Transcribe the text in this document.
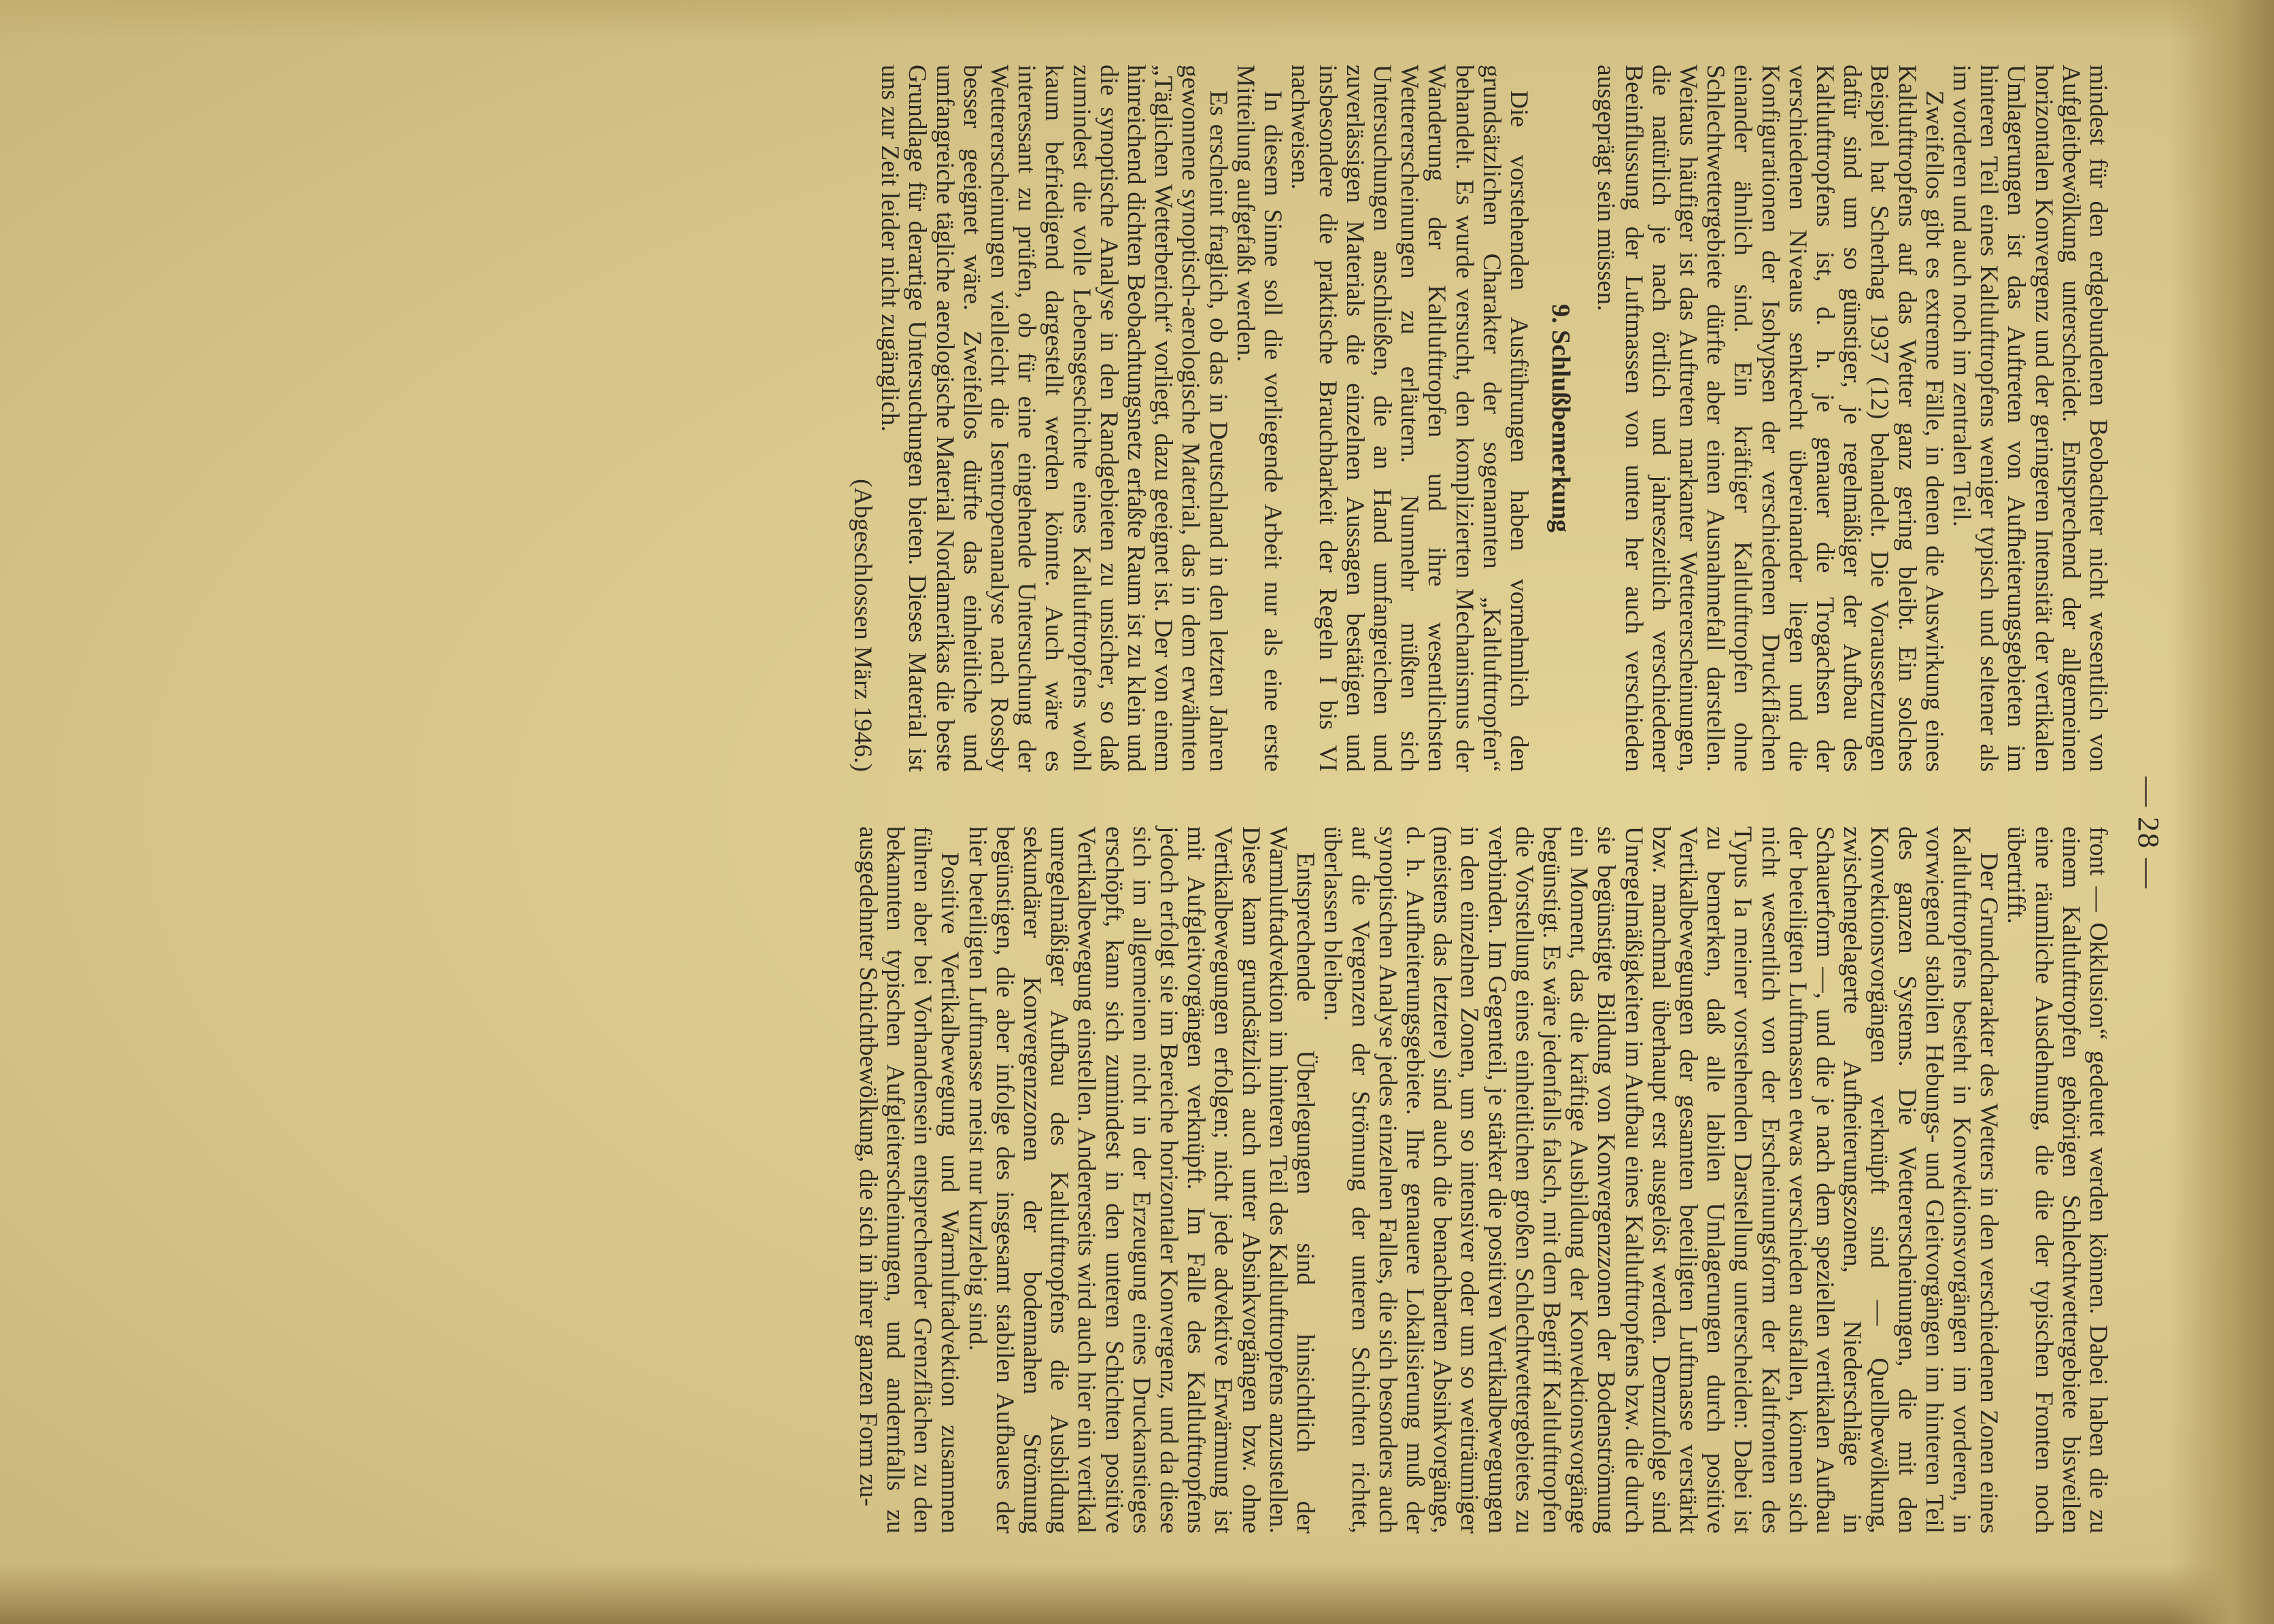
— 28 —

mindest für den erdgebundenen Beobachter nicht wesentlich von Aufgleitbewölkung unterscheidet. Entsprechend der allgemeinen horizontalen Konvergenz und der geringeren Intensität der vertikalen Umlagerungen ist das Auftreten von Aufheiterungsgebieten im hinteren Teil eines Kaltlufttropfens weniger typisch und seltener als im vorderen und auch noch im zentralen Teil.

Zweifellos gibt es extreme Fälle, in denen die Auswirkung eines Kaltlufttropfens auf das Wetter ganz gering bleibt. Ein solches Beispiel hat Scherhag 1937 (12) behandelt. Die Voraussetzungen dafür sind um so günstiger, je regelmäßiger der Aufbau des Kaltlufttropfens ist, d. h. je genauer die Trogachsen der verschiedenen Niveaus senkrecht übereinander liegen und die Konfigurationen der Isohypsen der verschiedenen Druckflächen einander ähnlich sind. Ein kräftiger Kaltlufttropfen ohne Schlechtwettergebiete dürfte aber einen Ausnahmefall darstellen. Weitaus häufiger ist das Auftreten markanter Wettererscheinungen, die natürlich je nach örtlich und jahreszeitlich verschiedener Beeinflussung der Luftmassen von unten her auch verschieden ausgeprägt sein müssen.

9. Schlußbemerkung

Die vorstehenden Ausführungen haben vornehmlich den grundsätzlichen Charakter der sogenannten „Kaltlufttropfen“ behandelt. Es wurde versucht, den komplizierten Mechanismus der Wanderung der Kaltlufttropfen und ihre wesentlichsten Wettererscheinungen zu erläutern. Nunmehr müßten sich Untersuchungen anschließen, die an Hand umfangreichen und zuverlässigen Materials die einzelnen Aussagen bestätigen und insbesondere die praktische Brauchbarkeit der Regeln I bis VI nachweisen.

In diesem Sinne soll die vorliegende Arbeit nur als eine erste Mitteilung aufgefaßt werden.

Es erscheint fraglich, ob das in Deutschland in den letzten Jahren gewonnene synoptisch-aerologische Material, das in dem erwähnten „Täglichen Wetterbericht“ vorliegt, dazu geeignet ist. Der von einem hinreichend dichten Beobachtungsnetz erfaßte Raum ist zu klein und die synoptische Analyse in den Randgebieten zu unsicher, so daß zumindest die volle Lebensgeschichte eines Kaltlufttropfens wohl kaum befriedigend dargestellt werden könnte. Auch wäre es interessant zu prüfen, ob für eine eingehende Untersuchung der Wettererscheinungen vielleicht die Isentropenanalyse nach Rossby besser geeignet wäre. Zweifellos dürfte das einheitliche und umfangreiche tägliche aerologische Material Nordamerikas die beste Grundlage für derartige Untersuchungen bieten. Dieses Material ist uns zur Zeit leider nicht zugänglich.

(Abgeschlossen März 1946.)

front — Okklusion“ gedeutet werden können. Dabei haben die zu einem Kaltlufttropfen gehörigen Schlechtwettergebiete bisweilen eine räumliche Ausdehnung, die die der typischen Fronten noch übertrifft.

Der Grundcharakter des Wetters in den verschiedenen Zonen eines Kaltlufttropfens besteht in Konvektionsvorgängen im vorderen, in vorwiegend stabilen Hebungs- und Gleitvorgängen im hinteren Teil des ganzen Systems. Die Wettererscheinungen, die mit den Konvektionsvorgängen verknüpft sind — Quellbewölkung, zwischengelagerte Aufheiterungszonen, Niederschläge in Schauerform —, und die je nach dem speziellen vertikalen Aufbau der beteiligten Luftmassen etwas verschieden ausfallen, können sich nicht wesentlich von der Erscheinungsform der Kaltfronten des Typus Ia meiner vorstehenden Darstellung unterscheiden: Dabei ist zu bemerken, daß alle labilen Umlagerungen durch positive Vertikalbewegungen der gesamten beteiligten Luftmasse verstärkt bzw. manchmal überhaupt erst ausgelöst werden. Demzufolge sind Unregelmäßigkeiten im Aufbau eines Kaltlufttropfens bzw. die durch sie begünstigte Bildung von Konvergenzzonen der Bodenströmung ein Moment, das die kräftige Ausbildung der Konvektionsvorgänge begünstigt. Es wäre jedenfalls falsch, mit dem Begriff Kaltlufttropfen die Vorstellung eines einheitlichen großen Schlechtwettergebietes zu verbinden. Im Gegenteil, je stärker die positiven Vertikalbewegungen in den einzelnen Zonen, um so intensiver oder um so weiträumiger (meistens das letztere) sind auch die benachbarten Absinkvorgänge, d. h. Aufheiterungsgebiete. Ihre genauere Lokalisierung muß der synoptischen Analyse jedes einzelnen Falles, die sich besonders auch auf die Vergenzen der Strömung der unteren Schichten richtet, überlassen bleiben.

Entsprechende Überlegungen sind hinsichtlich der Warmluftadvektion im hinteren Teil des Kaltlufttropfens anzustellen. Diese kann grundsätzlich auch unter Absinkvorgängen bzw. ohne Vertikalbewegungen erfolgen; nicht jede advektive Erwärmung ist mit Aufgleitvorgängen verknüpft. Im Falle des Kaltlufttropfens jedoch erfolgt sie im Bereiche horizontaler Konvergenz, und da diese sich im allgemeinen nicht in der Erzeugung eines Druckanstieges erschöpft, kann sich zumindest in den unteren Schichten positive Vertikalbewegung einstellen. Andererseits wird auch hier ein vertikal unregelmäßiger Aufbau des Kaltlufttropfens die Ausbildung sekundärer Konvergenzzonen der bodennahen Strömung begünstigen, die aber infolge des insgesamt stabilen Aufbaues der hier beteiligten Luftmasse meist nur kurzlebig sind.

Positive Vertikalbewegung und Warmluftadvektion zusammen führen aber bei Vorhandensein entsprechender Grenzflächen zu den bekannten typischen Aufgleiterscheinungen, und andernfalls zu ausgedehnter Schichtbewölkung, die sich in ihrer ganzen Form zu-
